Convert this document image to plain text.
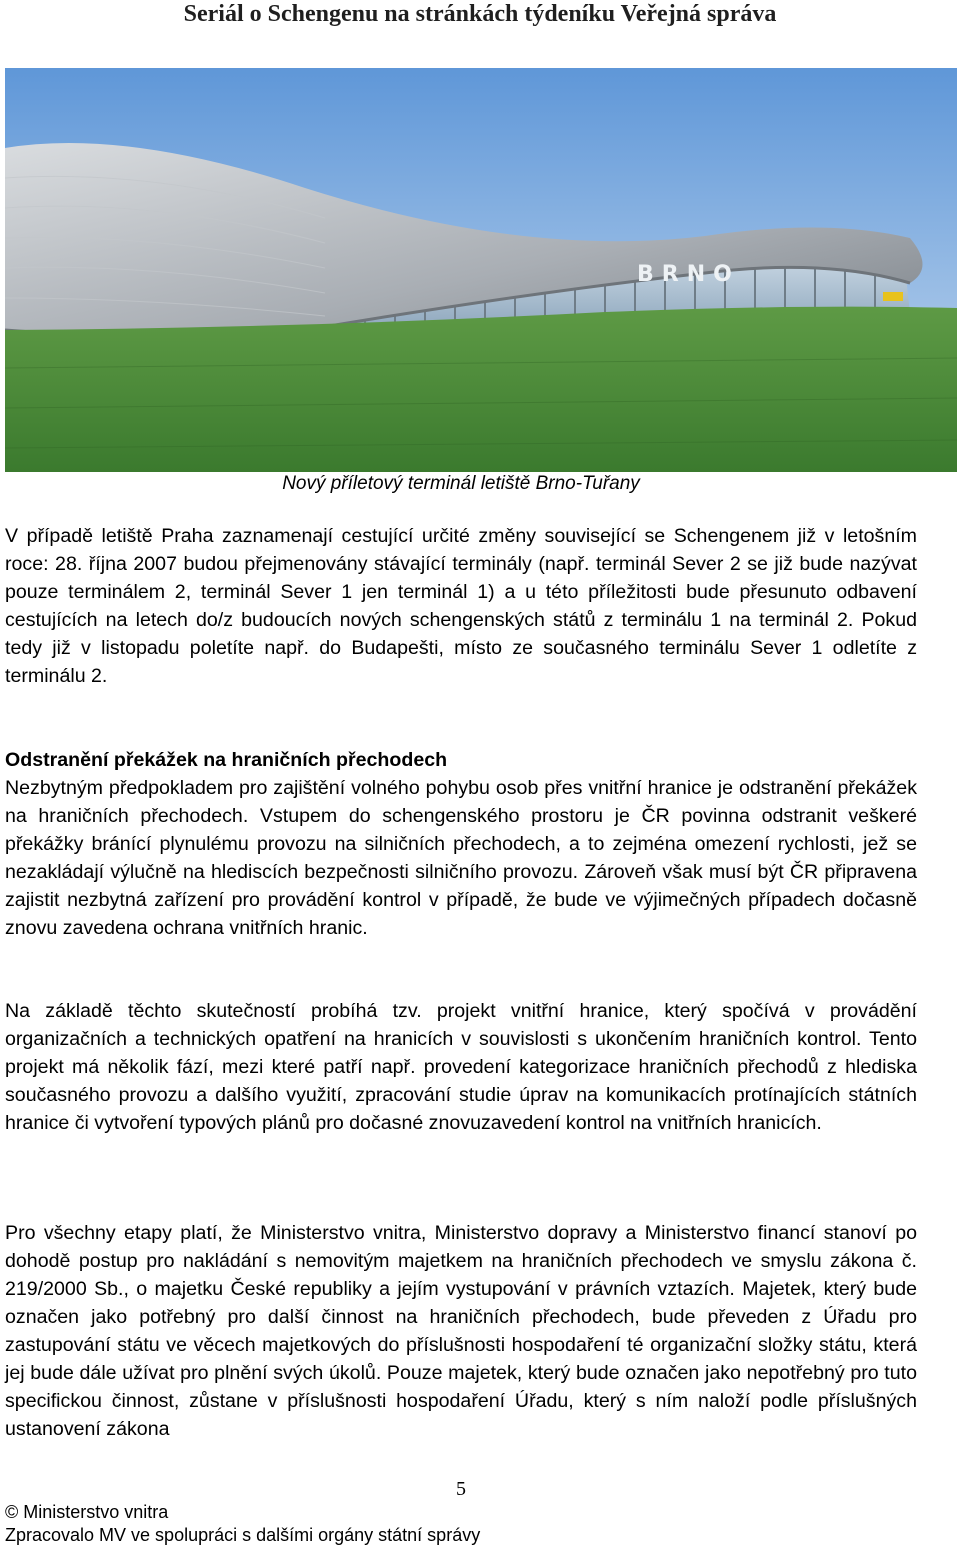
Seriál o Schengenu na stránkách týdeníku Veřejná správa
BRNO
Nový příletový terminál letiště Brno-Tuřany

V případě letiště Praha zaznamenají cestující určité změny související se Schengenem již v letošním roce: 28. října 2007 budou přejmenovány stávající terminály (např. terminál Sever 2 se již bude nazývat pouze terminálem 2, terminál Sever 1 jen terminál 1) a u této příležitosti bude přesunuto odbavení cestujících na letech do/z budoucích nových schengenských států z terminálu 1 na terminál 2. Pokud tedy již v listopadu poletíte např. do Budapešti, místo ze současného terminálu Sever 1 odletíte z terminálu 2.

Odstranění překážek na hraničních přechodech
Nezbytným předpokladem pro zajištění volného pohybu osob přes vnitřní hranice je odstranění překážek na hraničních přechodech. Vstupem do schengenského prostoru je ČR povinna odstranit veškeré překážky bránící plynulému provozu na silničních přechodech, a to zejména omezení rychlosti, jež se nezakládají výlučně na hlediscích bezpečnosti silničního provozu. Zároveň však musí být ČR připravena zajistit nezbytná zařízení pro provádění kontrol v případě, že bude ve výjimečných případech dočasně znovu zavedena ochrana vnitřních hranic.

Na základě těchto skutečností probíhá tzv. projekt vnitřní hranice, který spočívá v provádění organizačních a technických opatření na hranicích v souvislosti s ukončením hraničních kontrol. Tento projekt má několik fází, mezi které patří např. provedení kategorizace hraničních přechodů z hlediska současného provozu a dalšího využití, zpracování studie úprav na komunikacích protínajících státních hranice či vytvoření typových plánů pro dočasné znovuzavedení kontrol na vnitřních hranicích.

Pro všechny etapy platí, že Ministerstvo vnitra, Ministerstvo dopravy a Ministerstvo financí stanoví po dohodě postup pro nakládání s nemovitým majetkem na hraničních přechodech ve smyslu zákona č. 219/2000 Sb., o majetku České republiky a jejím vystupování v právních vztazích. Majetek, který bude označen jako potřebný pro další činnost na hraničních přechodech, bude převeden z Úřadu pro zastupování státu ve věcech majetkových do příslušnosti hospodaření té organizační složky státu, která jej bude dále užívat pro plnění svých úkolů. Pouze majetek, který bude označen jako nepotřebný pro tuto specifickou činnost, zůstane v příslušnosti hospodaření Úřadu, který s ním naloží podle příslušných ustanovení zákona

5
© Ministerstvo vnitra
Zpracovalo MV ve spolupráci s dalšími orgány státní správy
